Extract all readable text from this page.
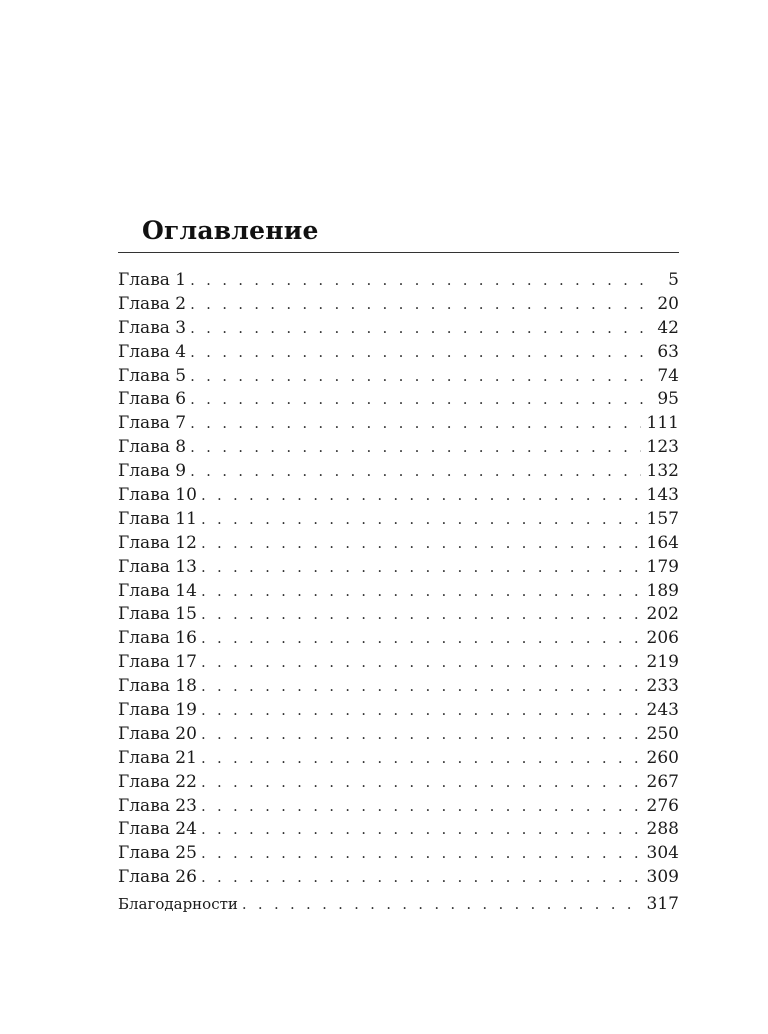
Оглавление
Глава 1 . . .	5
Глава 2 . . .	20
Глава 3 . . .	42
Глава 4 . . .	63
Глава 5 . . .	74
Глава 6 . . .	95
Глава 7 . . .	111
Глава 8 . . .	123
Глава 9 . . .	132
Глава 10 . . .	143
Глава 11 . . .	157
Глава 12 . . .	164
Глава 13 . . .	179
Глава 14 . . .	189
Глава 15 . . .	202
Глава 16 . . .	206
Глава 17 . . .	219
Глава 18 . . .	233
Глава 19 . . .	243
Глава 20 . . .	250
Глава 21 . . .	260
Глава 22 . . .	267
Глава 23 . . .	276
Глава 24 . . .	288
Глава 25 . . .	304
Глава 26 . . .	309
Благодарности . . .	317
